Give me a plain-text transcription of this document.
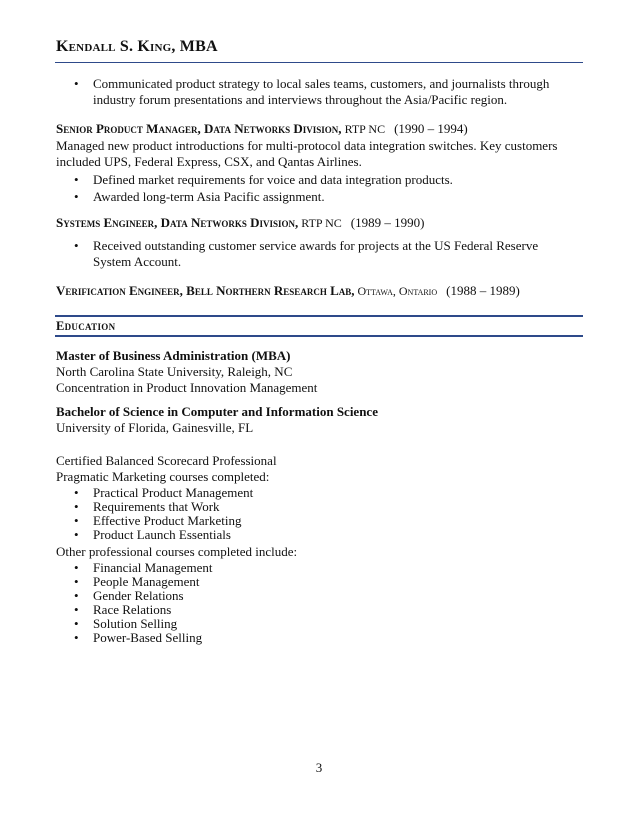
Kendall S. King, MBA
• Communicated product strategy to local sales teams, customers, and journalists through
industry forum presentations and interviews throughout the Asia/Pacific region.
Senior Product Manager, Data Networks Division, RTP NC (1990 – 1994)
Managed new product introductions for multi-protocol data integration switches. Key customers
included UPS, Federal Express, CSX, and Qantas Airlines.
• Defined market requirements for voice and data integration products.
• Awarded long-term Asia Pacific assignment.
Systems Engineer, Data Networks Division, RTP NC (1989 – 1990)
• Received outstanding customer service awards for projects at the US Federal Reserve
System Account.
Verification Engineer, Bell Northern Research Lab, Ottawa, Ontario (1988 – 1989)
Education
Master of Business Administration (MBA)
North Carolina State University, Raleigh, NC
Concentration in Product Innovation Management
Bachelor of Science in Computer and Information Science
University of Florida, Gainesville, FL
Certified Balanced Scorecard Professional
Pragmatic Marketing courses completed:
• Practical Product Management
• Requirements that Work
• Effective Product Marketing
• Product Launch Essentials
Other professional courses completed include:
• Financial Management
• People Management
• Gender Relations
• Race Relations
• Solution Selling
• Power-Based Selling
3
